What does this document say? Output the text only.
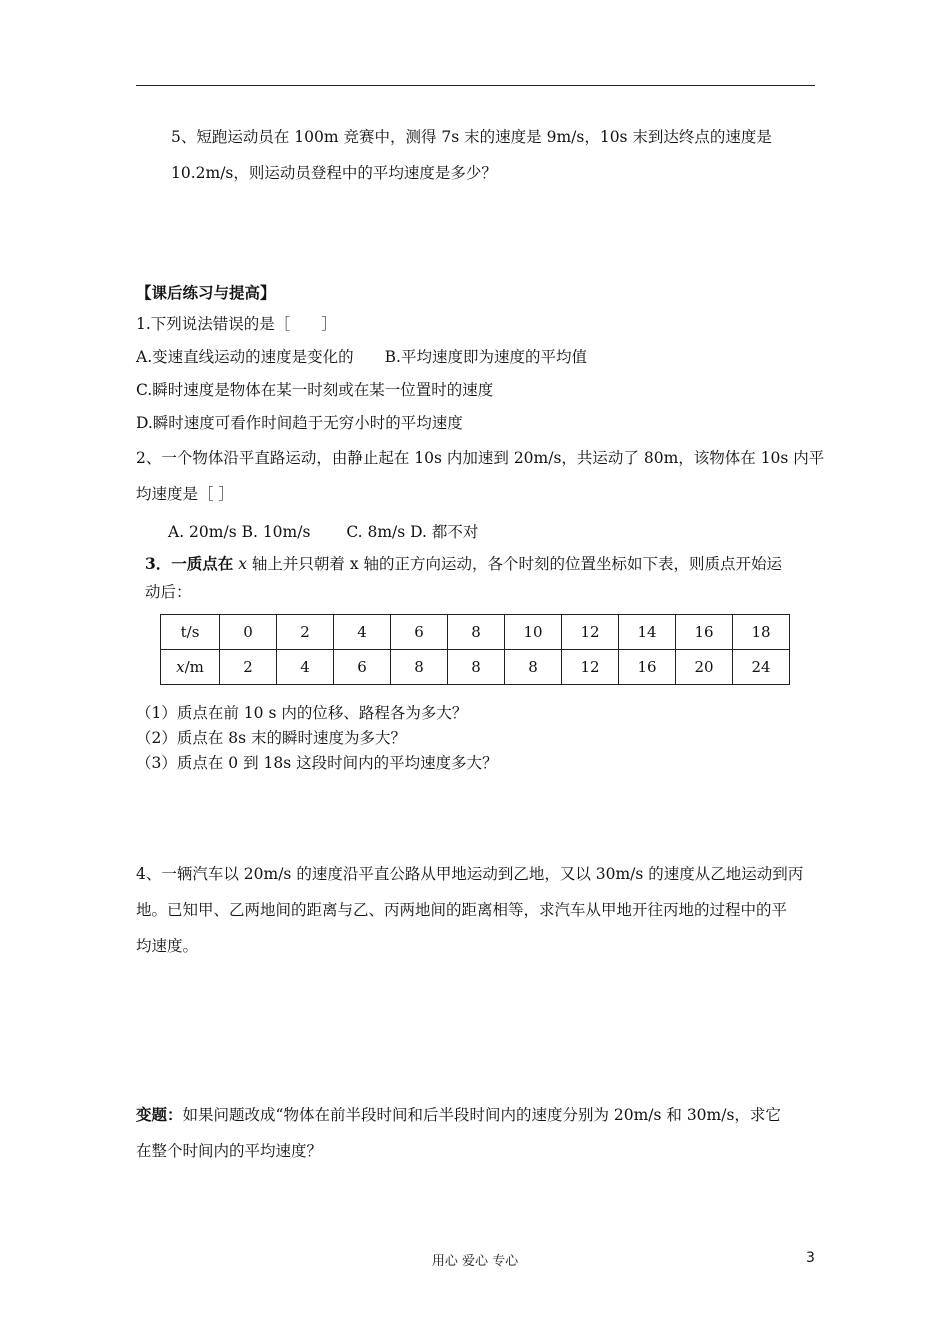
5、短跑运动员在 100m 竞赛中，测得 7s 末的速度是 9m/s，10s 末到达终点的速度是
10.2m/s，则运动员登程中的平均速度是多少？
【课后练习与提高】
1.下列说法错误的是［　　］
A.变速直线运动的速度是变化的　　B.平均速度即为速度的平均值
C.瞬时速度是物体在某一时刻或在某一位置时的速度
D.瞬时速度可看作时间趋于无穷小时的平均速度
2、一个物体沿平直路运动，由静止起在 10s 内加速到 20m/s，共运动了 80m，该物体在 10s 内平
均速度是［ ］
A. 20m/s B. 10m/s　　 C. 8m/s D. 都不对
3．一质点在 x 轴上并只朝着 x 轴的正方向运动，各个时刻的位置坐标如下表，则质点开始运
动后：
t/s	0	2	4	6	8	10	12	14	16	18
x/m	2	4	6	8	8	8	12	16	20	24
（1）质点在前 10 s 内的位移、路程各为多大？
（2）质点在 8s 末的瞬时速度为多大？
（3）质点在 0 到 18s 这段时间内的平均速度多大？
4、一辆汽车以 20m/s 的速度沿平直公路从甲地运动到乙地，又以 30m/s 的速度从乙地运动到丙
地。已知甲、乙两地间的距离与乙、丙两地间的距离相等，求汽车从甲地开往丙地的过程中的平
均速度。
变题：如果问题改成“物体在前半段时间和后半段时间内的速度分别为 20m/s 和 30m/s，求它
在整个时间内的平均速度？
用心 爱心 专心	3
